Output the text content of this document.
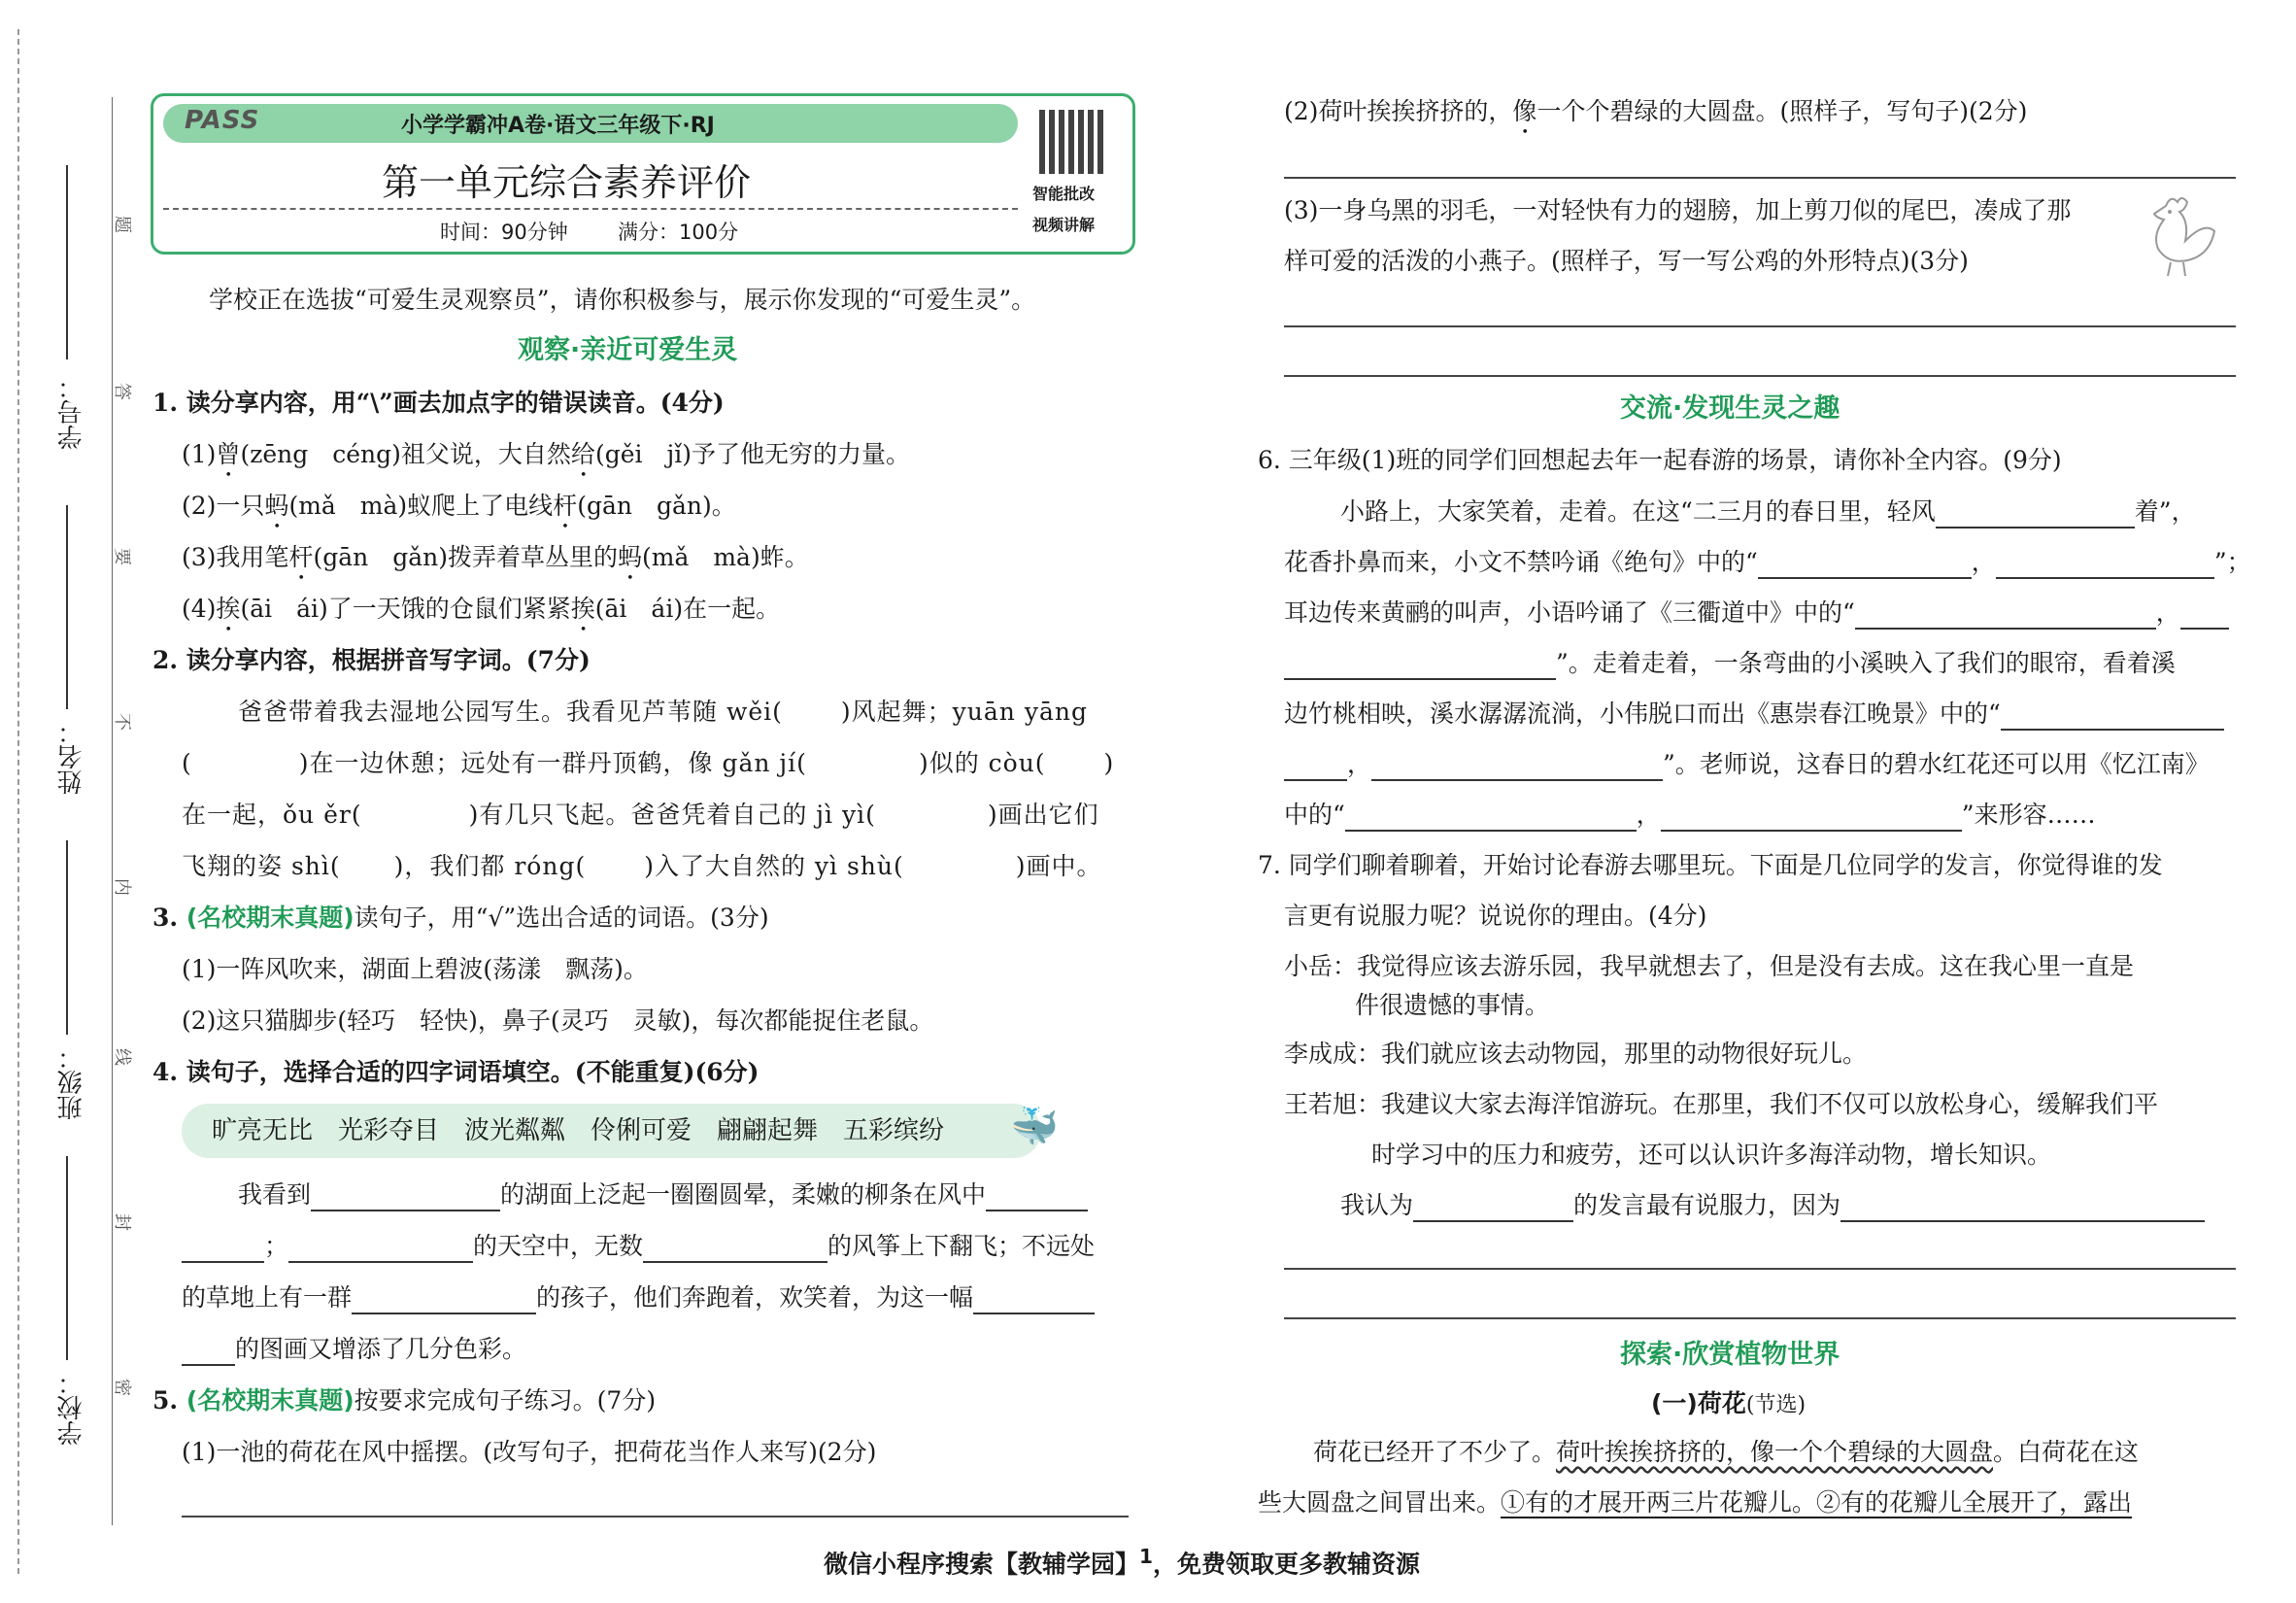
学号：
姓名：
班级：
学校：
题
答
要
不
内
线
封
密
PASS	小学学霸冲A卷·语文三年级下·RJ
第一单元综合素养评价
时间：90分钟 满分：100分
智能批改
视频讲解
学校正在选拔“可爱生灵观察员”，请你积极参与，展示你发现的“可爱生灵”。
观察·亲近可爱生灵
1. 读分享内容，用“\”画去加点字的错误读音。(4分)
(1)曾(zēng　céng)祖父说，大自然给(gěi　jǐ)予了他无穷的力量。
(2)一只蚂(mǎ　mà)蚁爬上了电线杆(gān　gǎn)。
(3)我用笔杆(gān　gǎn)拨弄着草丛里的蚂(mǎ　mà)蚱。
(4)挨(āi　ái)了一天饿的仓鼠们紧紧挨(āi　ái)在一起。
2. 读分享内容，根据拼音写字词。(7分)
爸爸带着我去湿地公园写生。我看见芦苇随 wěi( )风起舞；yuān yāng
(	)在一边休憩；远处有一群丹顶鹤，像 gǎn jí(	)似的 còu( )
在一起，ǒu ěr(	)有几只飞起。爸爸凭着自己的 jì yì(	)画出它们
飞翔的姿 shì( )，我们都 róng( )入了大自然的 yì shù(	)画中。
3. (名校期末真题)读句子，用“√”选出合适的词语。(3分)
(1)一阵风吹来，湖面上碧波(荡漾　飘荡)。
(2)这只猫脚步(轻巧　轻快)，鼻子(灵巧　灵敏)，每次都能捉住老鼠。
4. 读句子，选择合适的四字词语填空。(不能重复)(6分)
旷亮无比　光彩夺目　波光粼粼　伶俐可爱　翩翩起舞　五彩缤纷 🐳
我看到	的湖面上泛起一圈圈圆晕，柔嫩的柳条在风中
；	的天空中，无数	的风筝上下翻飞；不远处
的草地上有一群	的孩子，他们奔跑着，欢笑着，为这一幅
的图画又增添了几分色彩。
5. (名校期末真题)按要求完成句子练习。(7分)
(1)一池的荷花在风中摇摆。(改写句子，把荷花当作人来写)(2分)
(2)荷叶挨挨挤挤的，像一个个碧绿的大圆盘。(照样子，写句子)(2分)
(3)一身乌黑的羽毛，一对轻快有力的翅膀，加上剪刀似的尾巴，凑成了那
样可爱的活泼的小燕子。(照样子，写一写公鸡的外形特点)(3分)
交流·发现生灵之趣
6. 三年级(1)班的同学们回想起去年一起春游的场景，请你补全内容。(9分)
小路上，大家笑着，走着。在这“二三月的春日里，轻风	着”，
花香扑鼻而来，小文不禁吟诵《绝句》中的“	，	”；
耳边传来黄鹂的叫声，小语吟诵了《三衢道中》中的“	，
”。走着走着，一条弯曲的小溪映入了我们的眼帘，看着溪
边竹桃相映，溪水潺潺流淌，小伟脱口而出《惠崇春江晚景》中的“
，	”。老师说，这春日的碧水红花还可以用《忆江南》
中的“	，	”来形容……
7. 同学们聊着聊着，开始讨论春游去哪里玩。下面是几位同学的发言，你觉得谁的发
言更有说服力呢？说说你的理由。(4分)
小岳：我觉得应该去游乐园，我早就想去了，但是没有去成。这在我心里一直是
件很遗憾的事情。
李成成：我们就应该去动物园，那里的动物很好玩儿。
王若旭：我建议大家去海洋馆游玩。在那里，我们不仅可以放松身心，缓解我们平
时学习中的压力和疲劳，还可以认识许多海洋动物，增长知识。
我认为	的发言最有说服力，因为
探索·欣赏植物世界
(一)荷花(节选)
荷花已经开了不少了。荷叶挨挨挤挤的，像一个个碧绿的大圆盘。白荷花在这
些大圆盘之间冒出来。①有的才展开两三片花瓣儿。②有的花瓣儿全展开了，露出
微信小程序搜索【教辅学园】$^1$，免费领取更多教辅资源
